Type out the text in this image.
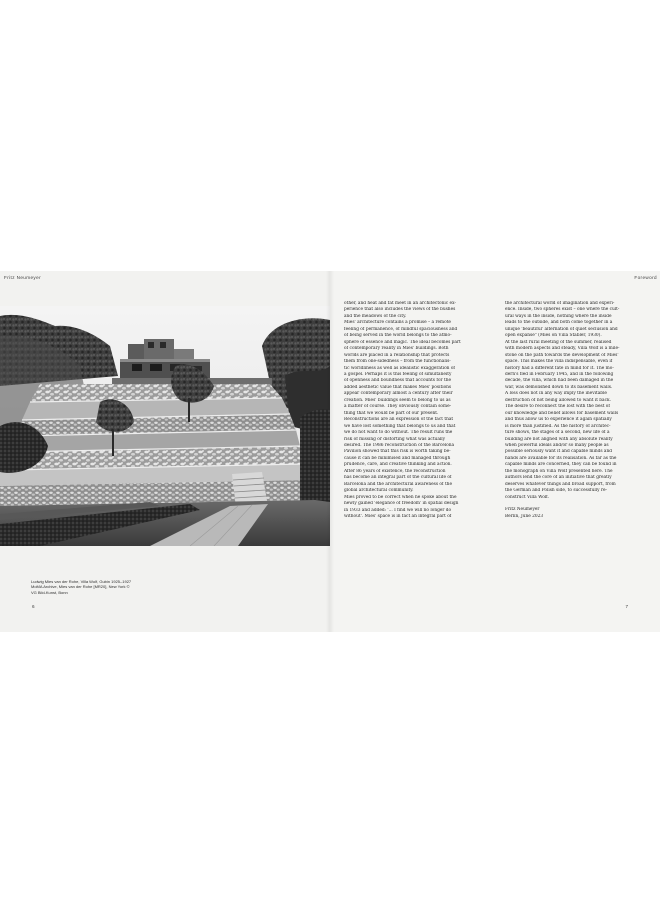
Fritz Neumeyer
Ludwig Mies van der Rohe, Villa Wolf, Gubin 1925–1927
MoMA Archive, Mies van der Rohe [MR20], New York ©
VG Bild-Kunst, Bonn
6
Foreword
other, and heat and fat meet in an architectonic ex-
perience that also includes the views of the bushes
and the meadows of the city.
Mies' architecture contains a promise – a remote
feeling of permanence, of mindful spaciousness and
of being served in the world belongs to the atmo-
sphere of essence and magic. The ideal becomes part
of contemporary reality in Mies' buildings. Both
worlds are placed in a relationship that protects
them from one-sidedness – from the functionalis-
tic worldliness as well as idealistic exaggeration of
a gospel. Perhaps it is this feeling of simultaneity
of openness and boundness that accounts for the
added aesthetic value that makes Mies' positions
appear contemporary almost a century after their
creation. Mies' buildings seem to belong to us as
a matter of course. They obviously contain some-
thing that we would be part of our present.
Reconstructions are an expression of the fact that
we have lost something that belongs to us and that
we do not want to do without. The result runs the
risk of missing or distorting what was actually
desired. The 1986 reconstruction of the Barcelona
Pavilion showed that this risk is worth taking be-
cause it can be minimised and managed through
prudence, care, and creative thinking and action.
After 86 years of existence, the reconstruction
has become an integral part of the cultural life of
Barcelona and the architectural awareness of the
global architectural community.
Mies proved to be correct when he spoke about the
newly gained 'elegance of freedom' in spatial design
in 1933 and added: '... I find we will no longer do
without'. Mies' space is in fact an integral part of
the architectural world of imagination and experi-
ence. Inside, two spheres exist – one where the cult-
ural ways in the inside, nothing where the inside
leads to the outside, and both come together in a
unique 'beautiful' alternation of quiet seclusion and
open expanse" (Mies on Villa Stabler, 1930).
At the last rural meeting of the summer, realised
with modern aspects and steady, Villa Wolf is a mile-
stone on the path towards the development of Mies'
space. This makes the villa indispensable, even if
history had a different fate in mind for it. The mo-
dern's fled in February 1945, and in the following
decade, the villa, which had been damaged in the
war, was demolished down to its basement walls.
A loss does not in any way imply the inevitable
destruction of not being allowed to want it back.
The desire to reconnect the lost with the best of
our knowledge and belief allows for basement walls
and thus allow us to experience it again spatially
is more than justified. As the history of architec-
ture shows, the stages of a second, new life of a
building are not aligned with any absolute reality
when powerful ideals and/or so many people as
possible seriously want it and capable minds and
hands are available for its realisation. As far as the
capable minds are concerned, they can be found in
the monograph on Villa Wolf presented here. The
authors lend the core of an initiative that greatly
deserves whatever things and broad support, from
the German and Polish side, to successfully re-
construct Villa Wolf.
Fritz Neumeyer
Berlin, June 2023
7
